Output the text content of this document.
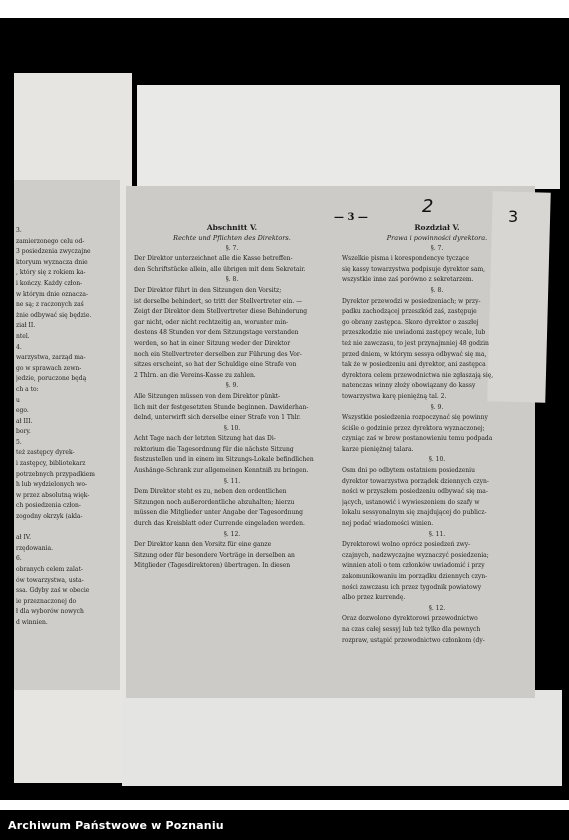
3.
zamierzonego celu od-
3 posiedzenia zwyczajne
ktoryum wyznacza dnie
, który się z rokiem ka-
i kończy. Każdy człon-
w którym dnie oznacza-
ne są; z raczonych zaś
żnie odbywać się będzie.
ział II.
ntel.
4.
warzystwa, zarząd ma-
go w sprawach zewn-
jedzie, poruczone będą
ch a to:
u
ego.
ał III.
bory.
5.
też zastępcy dyrek-
i zastępcy, bibliotekarz
potrzebnych przypadkiem
h lub wydzielonych wo-
w przez absolutną więk-
ch posiedzenia człon-
zogodny okrzyk (akla-

ał IV.
rzędowania.
6.
obranych celem zalat-
ów towarzystwa, usta-
ssa. Gdyby zaś w obecie
ie przeznaczonej do
ł dla wyborów nowych
d winnien.
— 3 —
2	3
Abschnitt V.
Rechte und Pflichten des Direktors.
§. 7.
Der Direktor unterzeichnet alle die Kasse betreffen-
den Schriftstücke allein, alle übrigen mit dem Sekretair.
§. 8.
Der Direktor führt in den Sitzungen den Vorsitz;
ist derselbe behindert, so tritt der Stellvertreter ein. —
Zeigt der Direktor dem Stellvertreter diese Behinderung
gar nicht, oder nicht rechtzeitig an, worunter min-
destens 48 Stunden vor dem Sitzungstage verstanden
werden, so hat in einer Sitzung weder der Direktor
noch ein Stellvertreter derselben zur Führung des Vor-
sitzes erscheint, so hat der Schuldige eine Strafe von
2 Thlrn. an die Vereins-Kasse zu zahlen.
§. 9.
Alle Sitzungen müssen von dem Direktor pünkt-
lich mit der festgesetzten Stunde beginnen. Dawiderhan-
delnd, unterwirft sich derselbe einer Strafe von 1 Thlr.
§. 10.
Acht Tage nach der letzten Sitzung hat das Di-
rektorium die Tagesordnung für die nächste Sitzung
festzustellen und in einem im Sitzungs-Lokale befindlichen
Aushänge-Schrank zur allgemeinen Kenntniß zu bringen.
§. 11.
Dem Direktor steht es zu, neben den ordentlichen
Sitzungen noch außerordentliche abzuhalten; hierzu
müssen die Mitglieder unter Angabe der Tagesordnung
durch das Kreisblatt oder Currende eingeladen werden.
§. 12.
Der Direktor kann den Vorsitz für eine ganze
Sitzung oder für besondere Vorträge in derselben an
Mitglieder (Tagesdirektoren) übertragen. In diesen
Rozdział V.
Prawa i powinności dyrektora.
§. 7.
Wszelkie pisma i korespondencye tyczące
się kassy towarzystwa podpisuje dyrektor sam,
wszystkie inne zaś porówno z sekretarzem.
§. 8.
Dyrektor przewodzi w posiedzeniach; w przy-
padku zachodzącej przeszkód zaś, zastępuje
go obrany zastępca. Skoro dyrektor o zaszłej
przeszkodzie nie uwiadomi zastępcy wcale, lub
też nie zawczasu, to jest przynajmniej 48 godzin
przed dniem, w którym sessya odbywać się ma,
tak że w posiedzeniu ani dyrektor, ani zastępca
dyrektora celem przewodnictwa nie zgłaszają się,
natenczas winny złoży obowiązany do kassy
towarzystwa karę pieniężną tal. 2.
§. 9.
Wszystkie posiedzenia rozpoczynać się powinny
ściśle o godzinie przez dyrektora wyznaczonej;
czyniąc zaś w brew postanowieniu temu podpada
karze pieniężnej talara.
§. 10.
Osm dni po odbytem ostatniem posiedzeniu
dyrektor towarzystwa porządek dziennych czyn-
ności w przyszłem posiedzeniu odbywać się ma-
jących, ustanowić i wywieszeniem do szafy w
lokalu sessyonalnym się znajdującej do publicz-
nej podać wiadomości winien.
§. 11.
Dyrektorowi wolno oprócz posiedzeń zwy-
czajnych, nadzwyczajne wyznaczyć posiedzenia;
winnien atoli o tem członków uwiadomić i przy
zakomunikowaniu im porządku dziennych czyn-
ności zawczasu ich przez tygodnik powiatowy
albo przez kurrendę.
§. 12.
Oraz dozwolono dyrektorowi przewodnictwo
na czas całej sessyj lub też tylko dla pewnych
rozpraw, ustąpić przewodnictwo członkom (dy-
Archiwum Państwowe w Poznaniu
